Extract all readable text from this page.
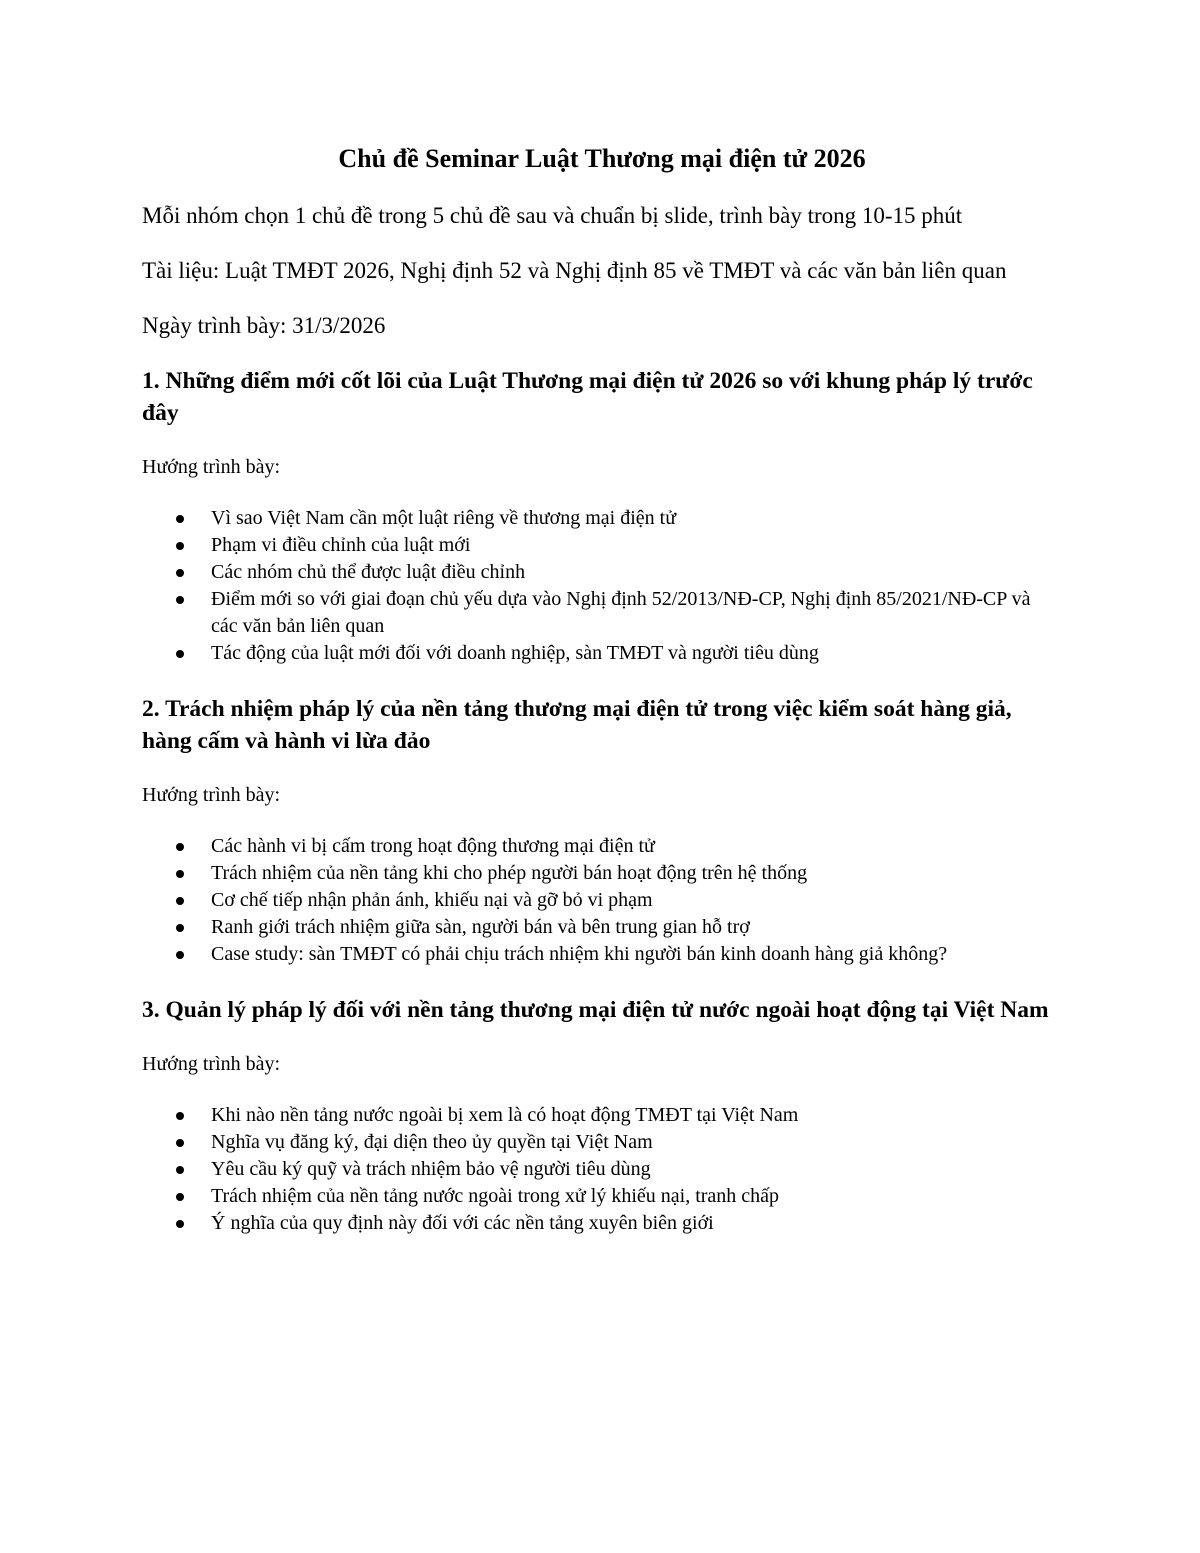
Chủ đề Seminar Luật Thương mại điện tử 2026

Mỗi nhóm chọn 1 chủ đề trong 5 chủ đề sau và chuẩn bị slide, trình bày trong 10-15 phút

Tài liệu: Luật TMĐT 2026, Nghị định 52 và Nghị định 85 về TMĐT và các văn bản liên quan

Ngày trình bày: 31/3/2026

1. Những điểm mới cốt lõi của Luật Thương mại điện tử 2026 so với khung pháp lý trước đây

Hướng trình bày:

Vì sao Việt Nam cần một luật riêng về thương mại điện tử
Phạm vi điều chỉnh của luật mới
Các nhóm chủ thể được luật điều chỉnh
Điểm mới so với giai đoạn chủ yếu dựa vào Nghị định 52/2013/NĐ-CP, Nghị định 85/2021/NĐ-CP và các văn bản liên quan
Tác động của luật mới đối với doanh nghiệp, sàn TMĐT và người tiêu dùng
2. Trách nhiệm pháp lý của nền tảng thương mại điện tử trong việc kiểm soát hàng giả, hàng cấm và hành vi lừa đảo

Hướng trình bày:

Các hành vi bị cấm trong hoạt động thương mại điện tử
Trách nhiệm của nền tảng khi cho phép người bán hoạt động trên hệ thống
Cơ chế tiếp nhận phản ánh, khiếu nại và gỡ bỏ vi phạm
Ranh giới trách nhiệm giữa sàn, người bán và bên trung gian hỗ trợ
Case study: sàn TMĐT có phải chịu trách nhiệm khi người bán kinh doanh hàng giả không?
3. Quản lý pháp lý đối với nền tảng thương mại điện tử nước ngoài hoạt động tại Việt Nam

Hướng trình bày:

Khi nào nền tảng nước ngoài bị xem là có hoạt động TMĐT tại Việt Nam
Nghĩa vụ đăng ký, đại diện theo ủy quyền tại Việt Nam
Yêu cầu ký quỹ và trách nhiệm bảo vệ người tiêu dùng
Trách nhiệm của nền tảng nước ngoài trong xử lý khiếu nại, tranh chấp
Ý nghĩa của quy định này đối với các nền tảng xuyên biên giới
